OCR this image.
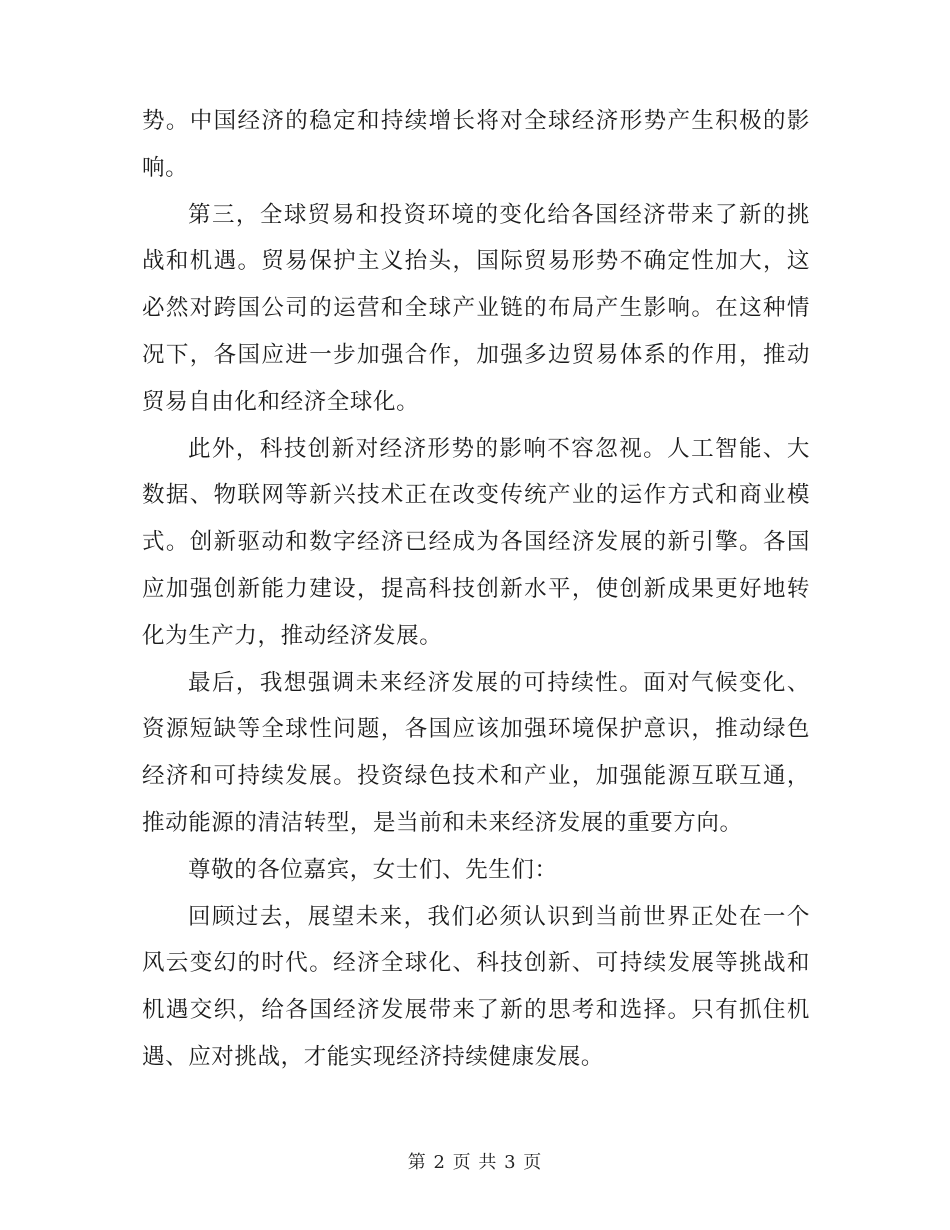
势。中国经济的稳定和持续增长将对全球经济形势产生积极的影响。

第三，全球贸易和投资环境的变化给各国经济带来了新的挑战和机遇。贸易保护主义抬头，国际贸易形势不确定性加大，这必然对跨国公司的运营和全球产业链的布局产生影响。在这种情况下，各国应进一步加强合作，加强多边贸易体系的作用，推动贸易自由化和经济全球化。

此外，科技创新对经济形势的影响不容忽视。人工智能、大数据、物联网等新兴技术正在改变传统产业的运作方式和商业模式。创新驱动和数字经济已经成为各国经济发展的新引擎。各国应加强创新能力建设，提高科技创新水平，使创新成果更好地转化为生产力，推动经济发展。

最后，我想强调未来经济发展的可持续性。面对气候变化、资源短缺等全球性问题，各国应该加强环境保护意识，推动绿色经济和可持续发展。投资绿色技术和产业，加强能源互联互通，推动能源的清洁转型，是当前和未来经济发展的重要方向。

尊敬的各位嘉宾，女士们、先生们：

回顾过去，展望未来，我们必须认识到当前世界正处在一个风云变幻的时代。经济全球化、科技创新、可持续发展等挑战和机遇交织，给各国经济发展带来了新的思考和选择。只有抓住机遇、应对挑战，才能实现经济持续健康发展。

第 2 页 共 3 页
